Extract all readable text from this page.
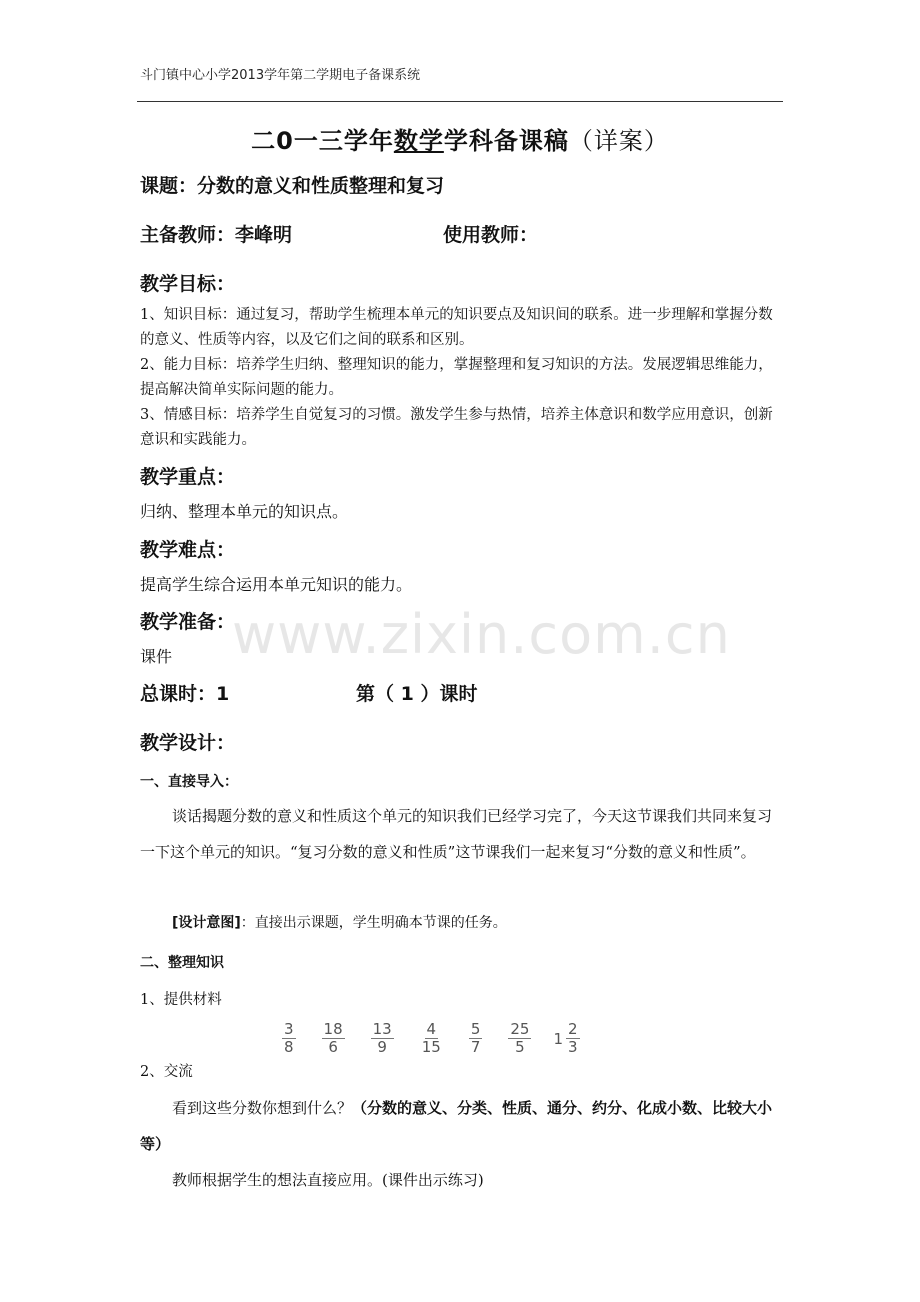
斗门镇中心小学2013学年第二学期电子备课系统
二0一三学年数学学科备课稿（详案）
课题：分数的意义和性质整理和复习
主备教师：李峰明	使用教师：
教学目标：
1、知识目标：通过复习，帮助学生梳理本单元的知识要点及知识间的联系。进一步理解和掌握分数的意义、性质等内容，以及它们之间的联系和区别。
2、能力目标：培养学生归纳、整理知识的能力，掌握整理和复习知识的方法。发展逻辑思维能力，提高解决简单实际问题的能力。
3、情感目标：培养学生自觉复习的习惯。激发学生参与热情，培养主体意识和数学应用意识，创新意识和实践能力。
教学重点：
归纳、整理本单元的知识点。
教学难点：
提高学生综合运用本单元知识的能力。
教学准备：
课件
总课时：1	第（ 1 ）课时
教学设计：
一、直接导入：
谈话揭题分数的意义和性质这个单元的知识我们已经学习完了，今天这节课我们共同来复习一下这个单元的知识。“复习分数的意义和性质”这节课我们一起来复习“分数的意义和性质”。
[设计意图]：直接出示课题，学生明确本节课的任务。
二、整理知识
1、提供材料
$\frac{3}{8} \frac{18}{6} \frac{13}{9} \frac{4}{15} \frac{5}{7} \frac{25}{5} 1 \frac{2}{3}$
2、交流
看到这些分数你想到什么？（分数的意义、分类、性质、通分、约分、化成小数、比较大小等）
教师根据学生的想法直接应用。(课件出示练习)
www.zixin.com.cn
